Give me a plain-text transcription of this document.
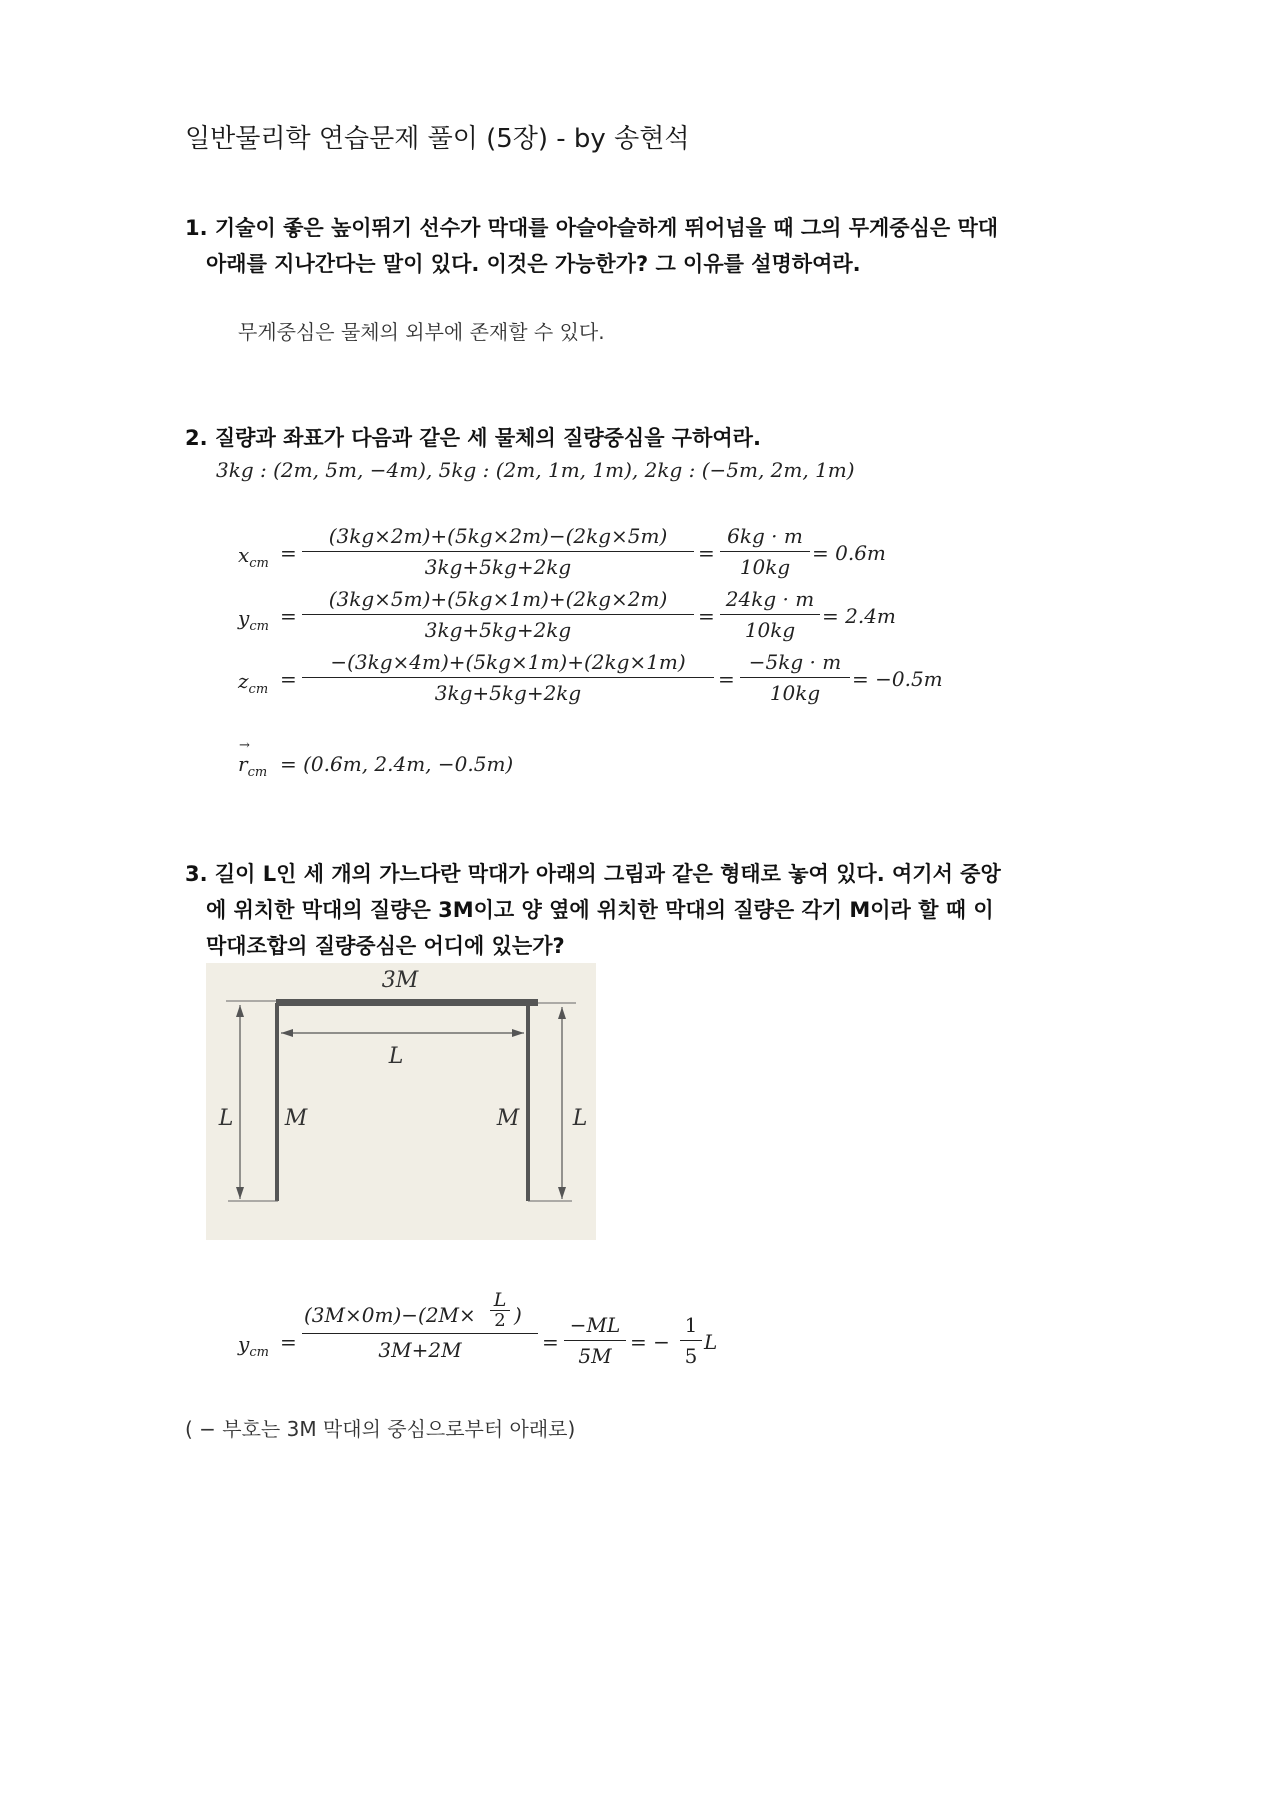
일반물리학 연습문제 풀이 (5장) - by 송현석
1. 기술이 좋은 높이뛰기 선수가 막대를 아슬아슬하게 뛰어넘을 때 그의 무게중심은 막대
아래를 지나간다는 말이 있다. 이것은 가능한가? 그 이유를 설명하여라.
무게중심은 물체의 외부에 존재할 수 있다.
2. 질량과 좌표가 다음과 같은 세 물체의 질량중심을 구하여라.
3kg : (2m, 5m, −4m), 5kg : (2m, 1m, 1m), 2kg : (−5m, 2m, 1m)
$x_{cm} = \frac{(3kg\times 2m)+(5kg\times 2m)-(2kg\times 5m)}{3kg+5kg+2kg} = \frac{6kg \cdot m}{10kg} = 0.6m$
$y_{cm} = \frac{(3kg\times 5m)+(5kg\times 1m)+(2kg\times 2m)}{3kg+5kg+2kg} = \frac{24kg \cdot m}{10kg} = 2.4m$
$z_{cm} = \frac{-(3kg\times 4m)+(5kg\times 1m)+(2kg\times 1m)}{3kg+5kg+2kg} = \frac{-5kg \cdot m}{10kg} = -0.5m$
→
$r_{cm} = (0.6m$, 2.4m, −0.5m)
3. 길이 L인 세 개의 가느다란 막대가 아래의 그림과 같은 형태로 놓여 있다. 여기서 중앙
에 위치한 막대의 질량은 3M이고 양 옆에 위치한 막대의 질량은 각기 M이라 할 때 이
막대조합의 질량중심은 어디에 있는가?
3M
L
L M	M L
$y_{cm} = (3M\times 0m)-(2M\times$
L
2 )
$3M+2M = \frac{-ML}{5M}$ = − $\frac{1}{5}$ L
( − 부호는 3M 막대의 중심으로부터 아래로)
